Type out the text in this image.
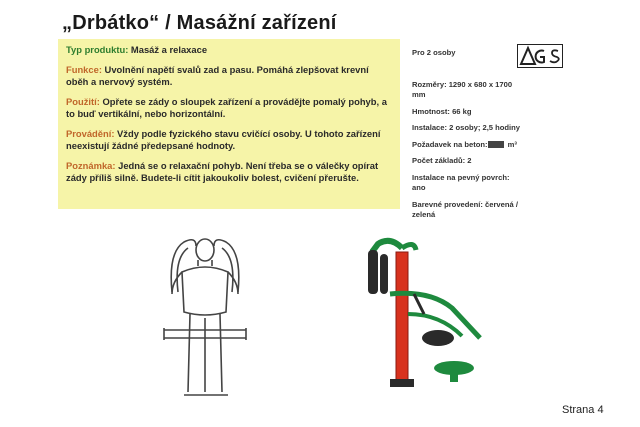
„Drbátko“ / Masážní zařízení

Typ produktu: Masáž a relaxace

Funkce: Uvolnění napětí svalů zad a pasu. Pomáhá zlepšovat krevní oběh a nervový systém.

Použití: Opřete se zády o sloupek zařízení a provádějte pomalý pohyb, a to buď vertikální, nebo horizontální.

Provádění: Vždy podle fyzického stavu cvičící osoby. U tohoto zařízení neexistují žádné předepsané hodnoty.

Poznámka: Jedná se o relaxační pohyb. Není třeba se o válečky opírat zády příliš silně. Budete-li cítit jakoukoliv bolest, cvičení přerušte.

Pro 2 osoby
Rozměry: 1290 x 680 x 1700 mm
Hmotnost: 66 kg
Instalace: 2 osoby; 2,5 hodiny
Požadavek na beton: m³
Počet základů: 2
Instalace na pevný povrch: ano
Barevné provedení: červená / zelená
Strana 4
